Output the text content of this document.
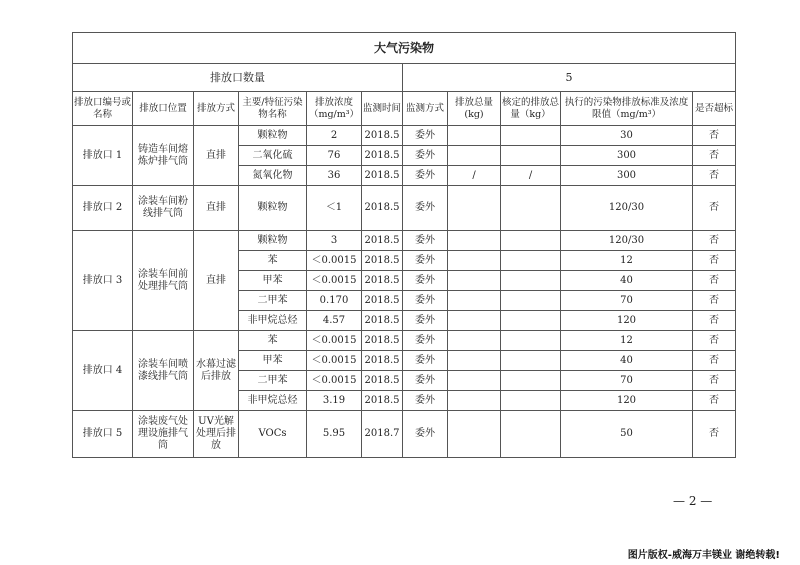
大气污染物										
排放口数量						5				
排放口编号或名称	排放口位置	排放方式	主要/特征污染物名称	排放浓度（mg/m³）	监测时间	监测方式	排放总量(kg)	核定的排放总量（kg）	执行的污染物排放标准及浓度限值（mg/m³）	是否超标
排放口 1	铸造车间熔炼炉排气筒	直排	颗粒物	2	2018.5	委外			30	否
			二氧化硫	76	2018.5	委外			300	否
			氮氧化物	36	2018.5	委外	/	/	300	否
排放口 2	涂装车间粉线排气筒	直排	颗粒物	＜1	2018.5	委外			120/30	否
排放口 3	涂装车间前处理排气筒	直排	颗粒物	3	2018.5	委外			120/30	否
			苯	＜0.0015	2018.5	委外			12	否
			甲苯	＜0.0015	2018.5	委外			40	否
			二甲苯	0.170	2018.5	委外			70	否
			非甲烷总烃	4.57	2018.5	委外			120	否
排放口 4	涂装车间喷漆线排气筒	水幕过滤后排放	苯	＜0.0015	2018.5	委外			12	否
			甲苯	＜0.0015	2018.5	委外			40	否
			二甲苯	＜0.0015	2018.5	委外			70	否
			非甲烷总烃	3.19	2018.5	委外			120	否
排放口 5	涂装废气处理设施排气筒	UV光解处理后排放	VOCs	5.95	2018.7	委外			50	否
— 2 —
图片版权-威海万丰镁业 谢绝转载!
